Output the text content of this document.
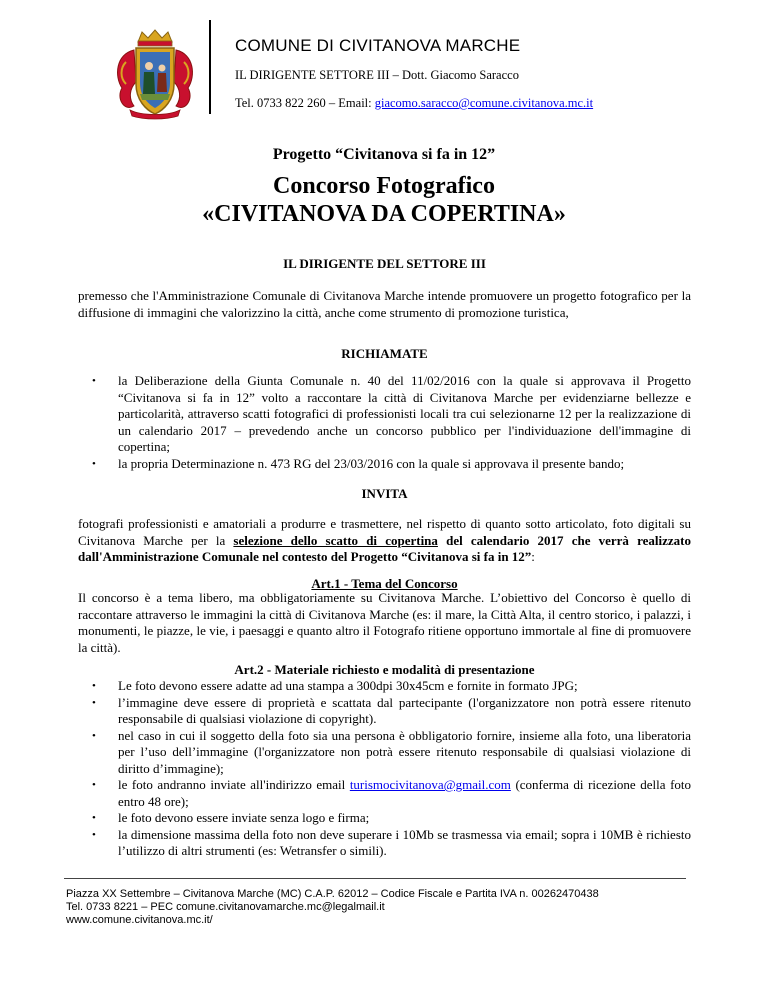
COMUNE DI CIVITANOVA MARCHE
IL DIRIGENTE SETTORE III – Dott. Giacomo Saracco
Tel. 0733 822 260 – Email: giacomo.saracco@comune.civitanova.mc.it
Progetto “Civitanova si fa in 12”
Concorso Fotografico
«CIVITANOVA DA COPERTINA»
IL DIRIGENTE DEL SETTORE III
premesso che l'Amministrazione Comunale di Civitanova Marche intende promuovere un progetto fotografico per la diffusione di immagini che valorizzino la città, anche come strumento di promozione turistica,
RICHIAMATE
• la Deliberazione della Giunta Comunale n. 40 del 11/02/2016 con la quale si approvava il Progetto “Civitanova si fa in 12” volto a raccontare la città di Civitanova Marche per evidenziarne bellezze e particolarità, attraverso scatti fotografici di professionisti locali tra cui selezionarne 12 per la realizzazione di un calendario 2017 – prevedendo anche un concorso pubblico per l'individuazione dell'immagine di copertina;
• la propria Determinazione n. 473 RG del 23/03/2016 con la quale si approvava il presente bando;
INVITA
fotografi professionisti e amatoriali a produrre e trasmettere, nel rispetto di quanto sotto articolato, foto digitali su Civitanova Marche per la selezione dello scatto di copertina del calendario 2017 che verrà realizzato dall'Amministrazione Comunale nel contesto del Progetto “Civitanova si fa in 12”:
Art.1 - Tema del Concorso
Il concorso è a tema libero, ma obbligatoriamente su Civitanova Marche. L’obiettivo del Concorso è quello di raccontare attraverso le immagini la città di Civitanova Marche (es: il mare, la Città Alta, il centro storico, i palazzi, i monumenti, le piazze, le vie, i paesaggi e quanto altro il Fotografo ritiene opportuno immortale al fine di promuovere la città).
Art.2 - Materiale richiesto e modalità di presentazione
• Le foto devono essere adatte ad una stampa a 300dpi 30x45cm e fornite in formato JPG;
• l’immagine deve essere di proprietà e scattata dal partecipante (l'organizzatore non potrà essere ritenuto responsabile di qualsiasi violazione di copyright).
• nel caso in cui il soggetto della foto sia una persona è obbligatorio fornire, insieme alla foto, una liberatoria per l’uso dell’immagine (l'organizzatore non potrà essere ritenuto responsabile di qualsiasi violazione di diritto d’immagine);
• le foto andranno inviate all'indirizzo email turismocivitanova@gmail.com (conferma di ricezione della foto entro 48 ore);
• le foto devono essere inviate senza logo e firma;
• la dimensione massima della foto non deve superare i 10Mb se trasmessa via email; sopra i 10MB è richiesto l’utilizzo di altri strumenti (es: Wetransfer o simili).
Piazza XX Settembre – Civitanova Marche (MC) C.A.P. 62012 – Codice Fiscale e Partita IVA n. 00262470438
Tel. 0733 8221 – PEC comune.civitanovamarche.mc@legalmail.it
www.comune.civitanova.mc.it/
